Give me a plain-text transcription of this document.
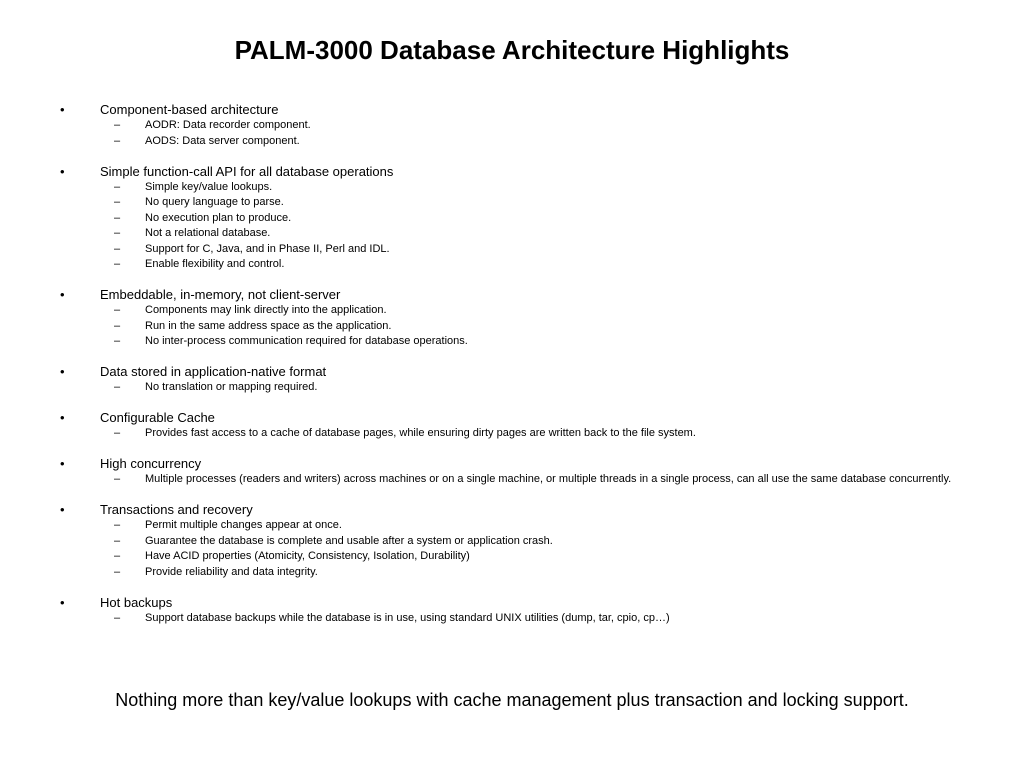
PALM-3000 Database Architecture Highlights
•	Component-based architecture
– AODR: Data recorder component.
– AODS: Data server component.
•	Simple function-call API for all database operations
– Simple key/value lookups.
– No query language to parse.
– No execution plan to produce.
– Not a relational database.
– Support for C, Java, and in Phase II, Perl and IDL.
– Enable flexibility and control.
•	Embeddable, in-memory, not client-server
– Components may link directly into the application.
– Run in the same address space as the application.
– No inter-process communication required for database operations.
•	Data stored in application-native format
– No translation or mapping required.
•	Configurable Cache
– Provides fast access to a cache of database pages, while ensuring dirty pages are written back to the file system.
•	High concurrency
– Multiple processes (readers and writers) across machines or on a single machine, or multiple threads in a single process, can all use the same database concurrently.
•	Transactions and recovery
– Permit multiple changes appear at once.
– Guarantee the database is complete and usable after a system or application crash.
– Have ACID properties (Atomicity, Consistency, Isolation, Durability)
– Provide reliability and data integrity.
•	Hot backups
– Support database backups while the database is in use, using standard UNIX utilities (dump, tar, cpio, cp…)
Nothing more than key/value lookups with cache management plus transaction and locking support.
